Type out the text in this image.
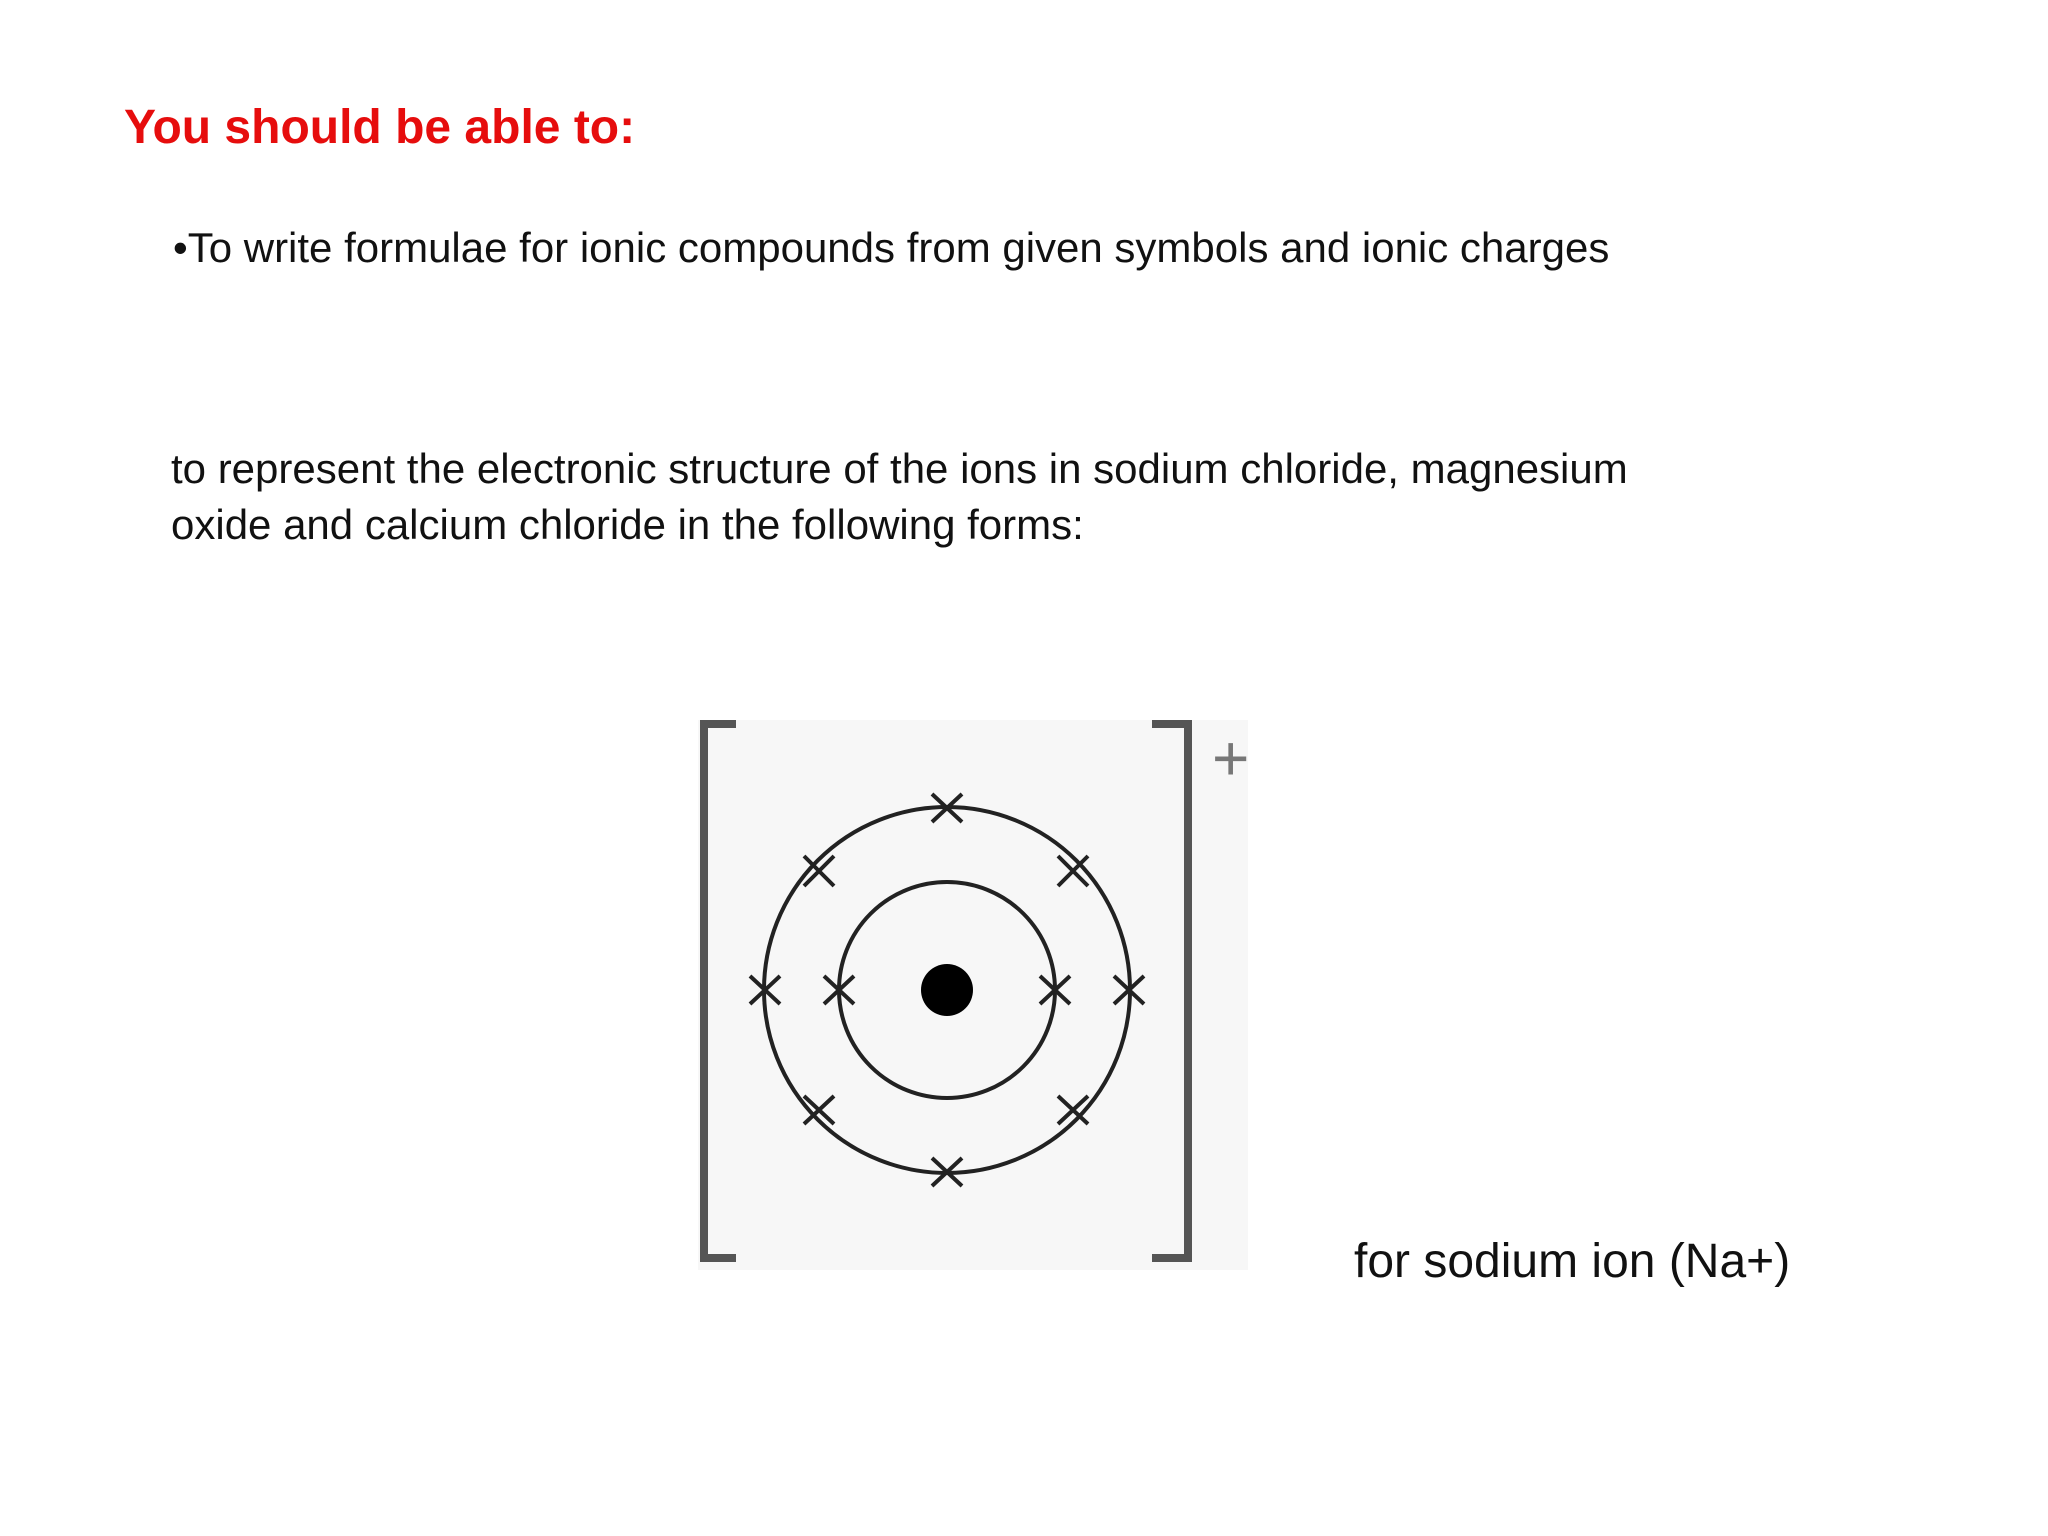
You should be able to:
•To write formulae for ionic compounds from given symbols and ionic charges
to represent the electronic structure of the ions in sodium chloride, magnesium oxide and calcium chloride in the following forms:
+
for sodium ion (Na+)
